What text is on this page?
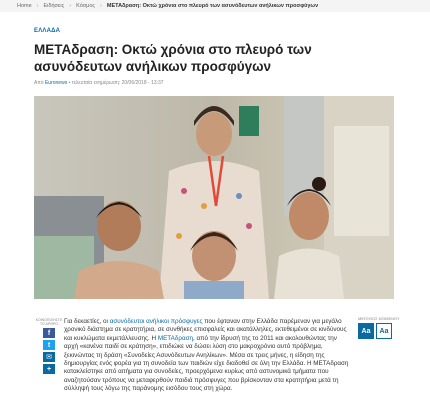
Home › Ειδήσεις › Κόσμος › ΜΕΤΑδραση: Οκτώ χρόνια στο πλευρό των ασυνόδευτων ανήλικων προσφύγων
ΕΛΛΑΔΑ
ΜΕΤΑδραση: Οκτώ χρόνια στο πλευρό των ασυνόδευτων ανήλικων προσφύγων
Από Euronews • τελευταία ενημέρωση: 20/06/2018 - 13:37
ΚΟΙΝΟΠΟΙΗΣΤΕ ΤΟ ΑΡΘΡΟ
f
t
✉
+

Για δεκαετίες, οι ασυνόδευτοι ανήλικοι πρόσφυγες που έφταναν στην Ελλάδα παρέμεναν για μεγάλο χρονικό διάστημα σε κρατητήρια, σε συνθήκες επισφαλείς και ακατάλληλες, εκτεθειμένοι σε κινδύνους και κυκλώματα εκμετάλλευσης. Η ΜΕΤΑδραση, από την ίδρυσή της το 2011 και ακολουθώντας την αρχή «κανένα παιδί σε κράτηση», επιδιώκε να δώσει λύση στο μακροχρόνιο αυτό πρόβλημα, ξεκινώντας τη δράση «Συνοδείες Ασυνόδευτων Ανηλίκων». Μέσα σε τρεις μήνες, η είδηση της δημιουργίας ενός φορέα για τη συνοδεία των παιδιών είχε διαδοθεί σε όλη την Ελλάδα. Η ΜΕΤΑδραση κατακλείστηκε από αιτήματα για συνοδείες, προερχόμενα κυρίως από αστυνομικά τμήματα που αναζητούσαν τρόπους να μεταφερθούν παιδιά πρόσφυγες που βρίσκονταν στα κρατητήρια μετά τη σύλληψή τους λόγω της παράνομης εισόδου τους στη χώρα.

ΜΕΓΕΘΟΣ ΚΕΙΜΕΝΟΥ
Aa	Aa
